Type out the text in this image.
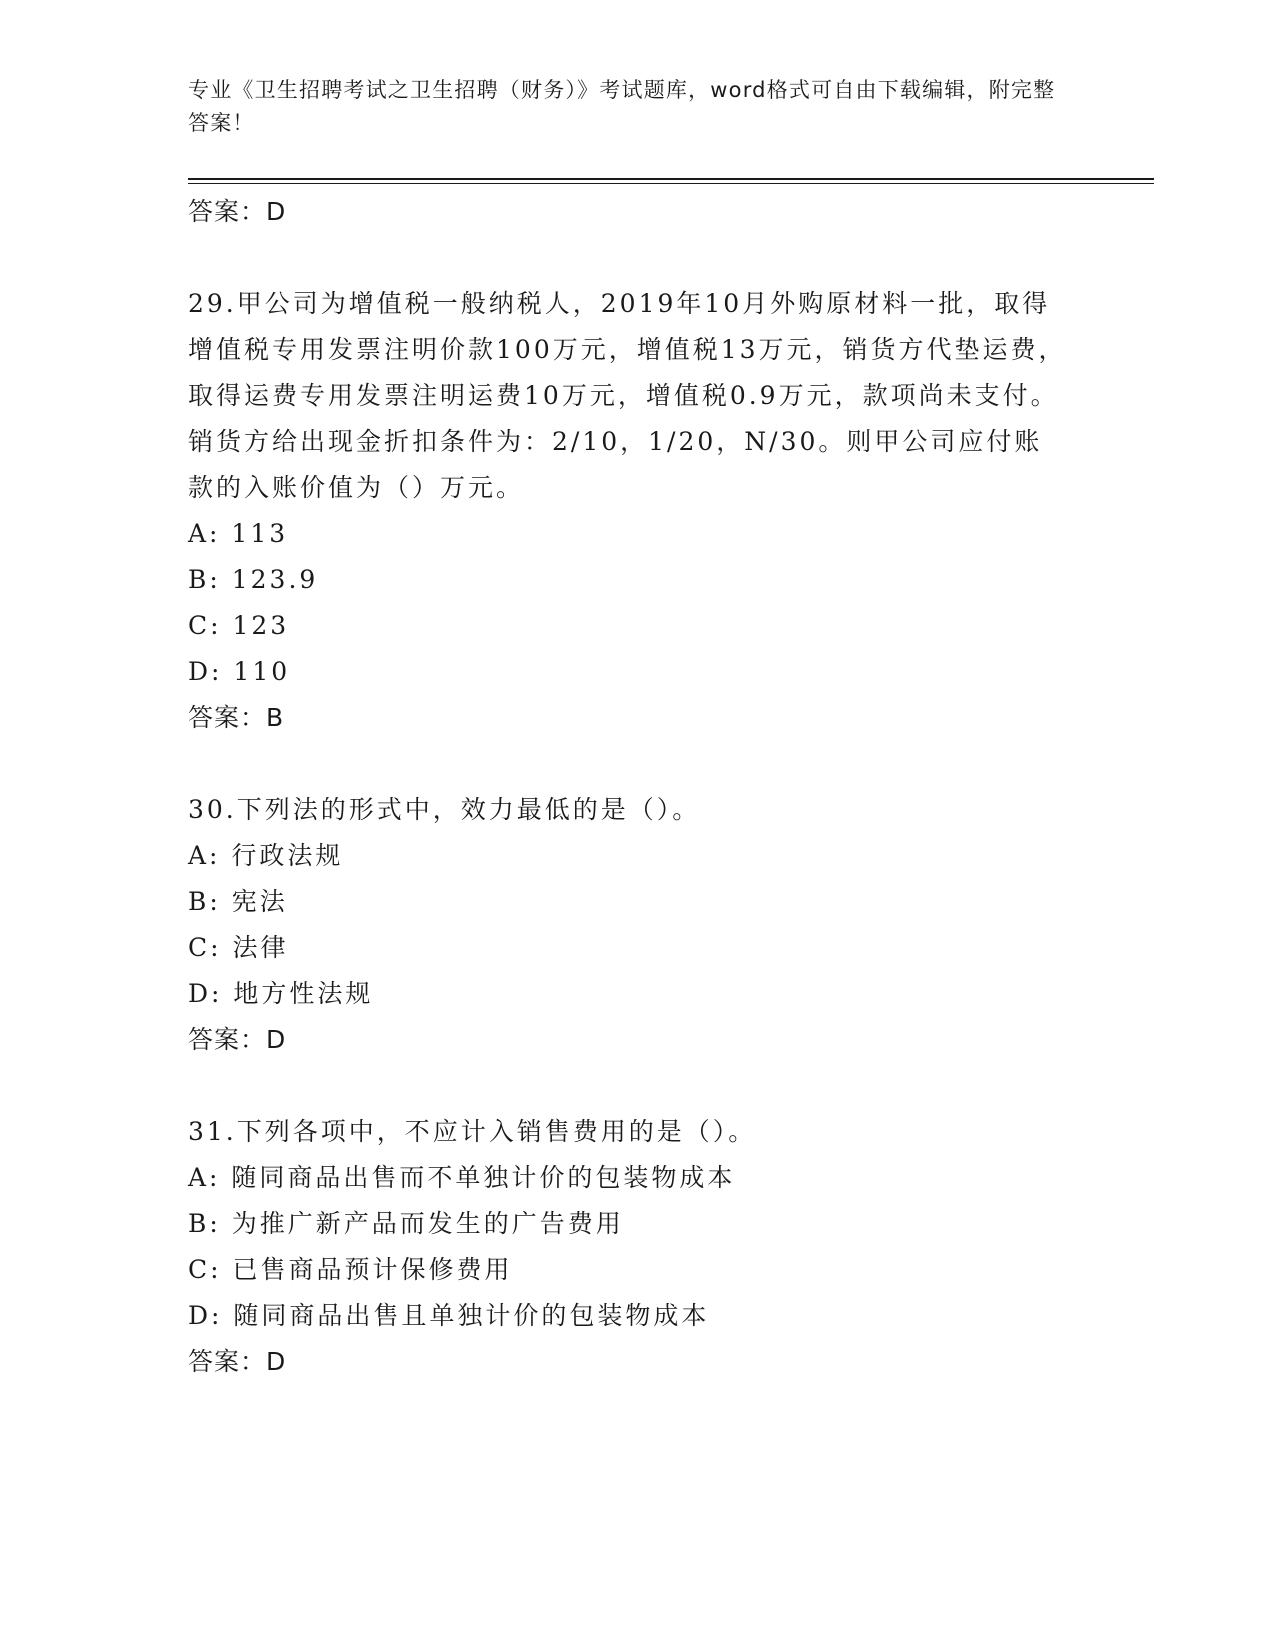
专业《卫生招聘考试之卫生招聘（财务）》考试题库，word格式可自由下载编辑，附完整答案！
答案：D
29.甲公司为增值税一般纳税人，2019年10月外购原材料一批，取得增值税专用发票注明价款100万元，增值税13万元，销货方代垫运费，取得运费专用发票注明运费10万元，增值税0.9万元，款项尚未支付。销货方给出现金折扣条件为：2/10，1/20，N/30。则甲公司应付账款的入账价值为（）万元。
A: 113
B: 123.9
C: 123
D: 110
答案：B
30.下列法的形式中，效力最低的是（）。
A: 行政法规
B: 宪法
C: 法律
D: 地方性法规
答案：D
31.下列各项中，不应计入销售费用的是（）。
A: 随同商品出售而不单独计价的包装物成本
B: 为推广新产品而发生的广告费用
C: 已售商品预计保修费用
D: 随同商品出售且单独计价的包装物成本
答案：D
